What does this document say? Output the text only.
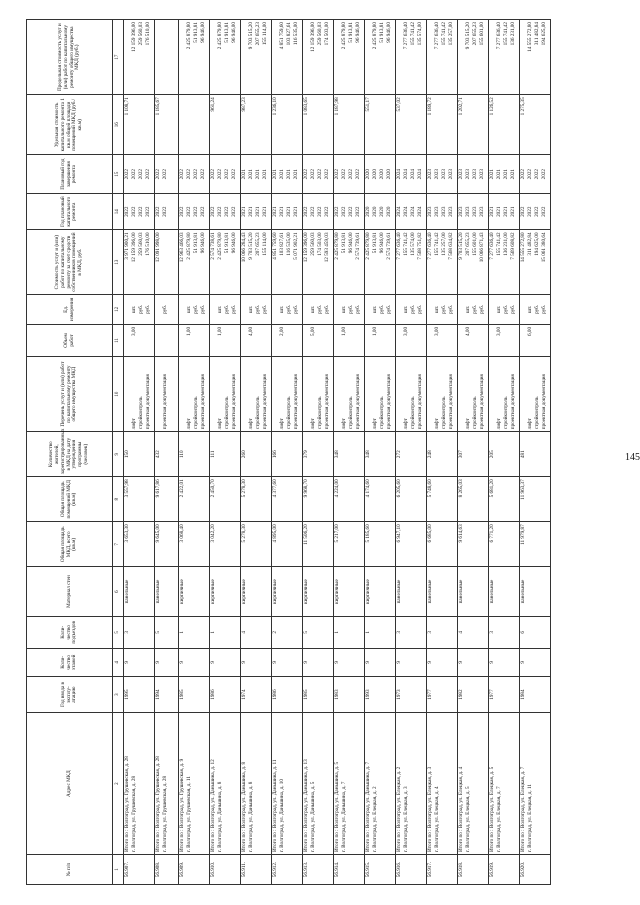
145
№ п/п	Адрес МКД	Год ввода в эксплу- атацию	Коли- чество этажей	Коли- чество подъездов	Материал стен	Общая площадь МКД, всего (кв.м)	Общая площадь помещений МКД (кв.м)	Количество жителей, зарегистрированных в МКД на дату утверждения программы (человек)	Перечень услуг и (или) работ по капитальному ремонту общего имущества МКД	Объем работ	Ед. измерения	Стоимость услуг и (или) работ по капитальному ремонту за счет средств собственников помещений в МКД, руб.	Год плановый капитального ремонта	Плановый год завершения ремонта	Удельная стоимость капитального ремонта 1 кв.м общей площади помещений МКД (руб./кв.м)	Предельная стоимость услуг и (или) работ по капитальному ремонту общего имущества МКД (руб.)
1	2	3	4	5	6	7	8	9	10	11	12	13	14	15	16	17
56.907.	Итого по : Волгоград, ул. Грушевская, д. 28 г. Волгоград, ул. Грушевская, д. 28	1995	9	3	панельные	3 653,30	3 557,98	150	лифт стройконтроль проектная документация	3,00	шт. руб. руб.	3 971 900,21 12 159 396,00 259 560,03 176 510,00	2022 2022 2022 2022	2022 2022 2022 2022	1 108,71	12 159 396,00 259 560,03 176 510,00

56.908.	Итого по : Волгоград, ул. Грушевская, д. 28 г. Волгоград, ул. Грушевская, д. 28	1994	9	5	панельные	9 645,00	9 617,86	432	проектная документация		руб.	12 091 998,00	2022 2022	2022 2022	1 185,67	

56.909.	Итого по : Волгоград, ул. Грушевская, д. 9 г. Волгоград, ул. Грушевская, д. 11	1985	9	1	кирпичные	3 068,40	2 422,01	110	лифт стройконтроль проектная документация	1,00	шт. руб. руб.	12 963 466,03 2 425 879,80 51 913,81 96 946,00	2022 2022 2022 2022	2022 2022 2022 2022		2 425 879,80 51 913,81 96 946,00

56.910.	Итого по : Волгоград, ул. Даньшина, д. 12 г. Волгоград, ул. Даньшина, д. 8	1986	9	1	кирпичные	3 042,20	2 450,70	111	лифт стройконтроль проектная документация	1,00	шт. руб. руб.	2 574 738,61 2 425 879,80 51 913,81 96 946,00	2022 2022 2022 2022	2022 2022 2022 2022	961,24	2 425 879,80 51 913,81 96 946,00

56.911.	Итого по : Волгоград, ул. Даньшина, д. 8 г. Волгоград, ул. Даньшина, д. 8	1974	9	4	кирпичные	5 278,30	5 278,30	260	лифт стройконтроль проектная документация	4,00	шт. руб. руб.	10 066 284,43 9 703 515,20 207 655,23 155 114,00	2021 2021 2021 2021	2021 2021 2021 2021	987,23	9 703 515,20 207 655,23 155 114,00

56.912.	Итого по : Волгоград, ул. Даньшина, д. 11 г. Волгоград, ул. Даньшина, д. 10	1986	9	2	кирпичные	4 895,00	4 377,60	166	лифт стройконтроль проектная документация	2,00	шт. руб. руб.	4 851 759,60 103 827,61 116 535,00 5 071 902,21	2021 2021 2021 2021	2021 2021 2021 2021	1 236,10	4 851 759,60 103 827,61 116 535,00

56.913.	Итого по : Волгоград, ул. Даньшина, д. 13 г. Волгоград, ул. Даньшина, д. 5	1985	9	5	кирпичные	11 506,20	9 968,70	379	лифт стройконтроль проектная документация	5,00	шт. руб. руб.	12 159 396,00 259 560,03 174 503,00 12 593 459,03	2022 2022 2022 2022	2022 2022 2022 2022	1 083,65	12 159 396,00 259 560,03 174 503,00

56.914.	Итого по : Волгоград, ул. Даньшина, д. 5 г. Волгоград, ул. Даньшина, д. 7	1983	9	1	кирпичные	5 217,00	4 224,00	348	лифт стройконтроль проектная документация	1,00	шт. руб. руб.	2 425 879,80 51 913,81 96 946,00 2 574 739,61	2022 2022 2022 2022	2022 2022 2022 2022	1 187,98	2 425 879,80 51 913,81 96 946,00

56.915.	Итого по : Волгоград, ул. Даньшина, д. 7 г. Волгоград, ул. Елецкая, д. 2	1993	9	1	кирпичные	5 185,60	4 174,60	348	лифт стройконтроль проектная документация	1,00	шт. руб. руб.	2 425 879,80 51 913,81 96 946,00 2 574 739,61	2020 2020 2020 2020	2020 2020 2020 2020	551,17	2 425 879,80 51 913,81 96 946,00

56.916.	Итого по : Волгоград, ул. Елецкая, д. 2 г. Волгоград, ул. Елецкая, д. 3	1973	9	3	панельные	6 947,10	6 205,60	272	лифт стройконтроль проектная документация	3,00	шт. руб. руб.	7 277 636,40 155 741,42 135 574,00 7 568 751,82	2024 2024 2024 2024	2024 2024 2024 2024	537,02	7 277 636,40 155 741,42 135 574,00

56.917.	Итого по : Волгоград, ул. Елецкая, д. 3 г. Волгоград, ул. Елецкая, д. 4	1977	9	3	панельные	6 685,00	5 748,60	248	лифт стройконтроль проектная документация	3,00	шт. руб. руб.	7 277 636,40 155 741,42 135 257,00 7 568 634,82	2023 2023 2023 2023	2023 2023 2023 2023	1 189,72	7 277 636,40 155 741,42 135 257,00

56.918.	Итого по : Волгоград, ул. Елецкая, д. 4 г. Волгоград, ул. Елецкая, д. 5	1982	9	4	панельные	9 614,63	8 265,03	307	лифт стройконтроль проектная документация	4,00	шт. руб. руб.	9 703 515,20 207 655,23 155 601,00 10 066 871,43	2023 2023 2023 2023	2023 2023 2023 2023	1 202,71	9 703 515,20 207 655,23 155 601,00

56.919.	Итого по : Волгоград, ул. Елецкая, д. 5 г. Волгоград, ул. Елецкая, д. 7	1977	9	3	панельные	6 771,20	5 681,20	205	лифт стройконтроль проектная документация	3,00	шт. руб. руб.	7 277 636,40 155 741,42 136 231,00 7 569 608,82	2021 2021 2021 2021	2021 2021 2021 2021	1 126,52	7 277 636,40 155 741,42 136 231,00

56.920.	Итого по : Волгоград, ул. Елецкая, д. 7 г. Волгоград, ул. Елецкая, д. 11	1984	9	6	панельные	11 979,87	11 963,37	481	лифт стройконтроль проектная документация	6,00	шт. руб. руб.	14 555 272,80 311 482,84 194 625,00 15 061 380,64	2022 2022 2022 2022	2022 2022 2022 2022	1 275,35	14 555 272,80 311 482,84 194 625,00
